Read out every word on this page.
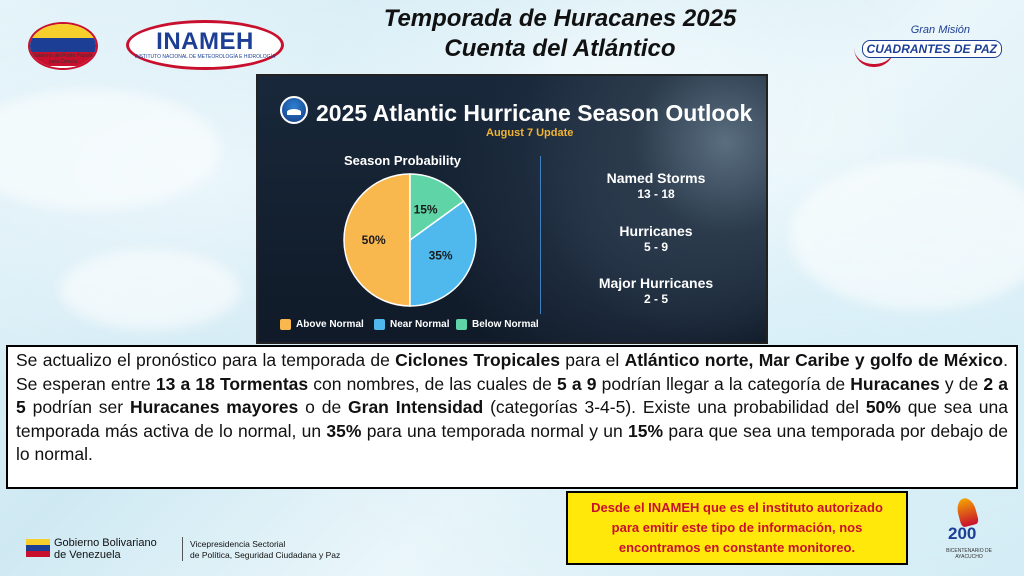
Gobierno del Poder Popular para Ciencia
INAMEH
INSTITUTO NACIONAL DE METEOROLOGÍA E HIDROLOGÍA
Temporada de Huracanes 2025
Cuenta del Atlántico
Gran Misión
CUADRANTES DE PAZ
2025 Atlantic Hurricane Season Outlook
August 7 Update
Season Probability
50%
35%
15%
Named Storms
13 - 18
Hurricanes
5 - 9
Major Hurricanes
2 - 5
Above Normal	Near Normal Below Normal
Se actualizo el pronóstico para la temporada de Ciclones Tropicales para el Atlántico norte, Mar Caribe y golfo de México. Se esperan entre 13 a 18 Tormentas con nombres, de las cuales de 5 a 9 podrían llegar a la categoría de Huracanes y de 2 a 5 podrían ser Huracanes mayores o de Gran Intensidad (categorías 3-4-5). Existe una probabilidad del 50% que sea una temporada más activa de lo normal, un 35% para una temporada normal y un 15% para que sea una temporada por debajo de lo normal.
Gobierno Bolivariano
de Venezuela
Vicepresidencia Sectorial
de Política, Seguridad Ciudadana y Paz
Desde el INAMEH que es el instituto autorizado para emitir este tipo de información, nos encontramos en constante monitoreo.
200
BICENTENARIO DE AYACUCHO
